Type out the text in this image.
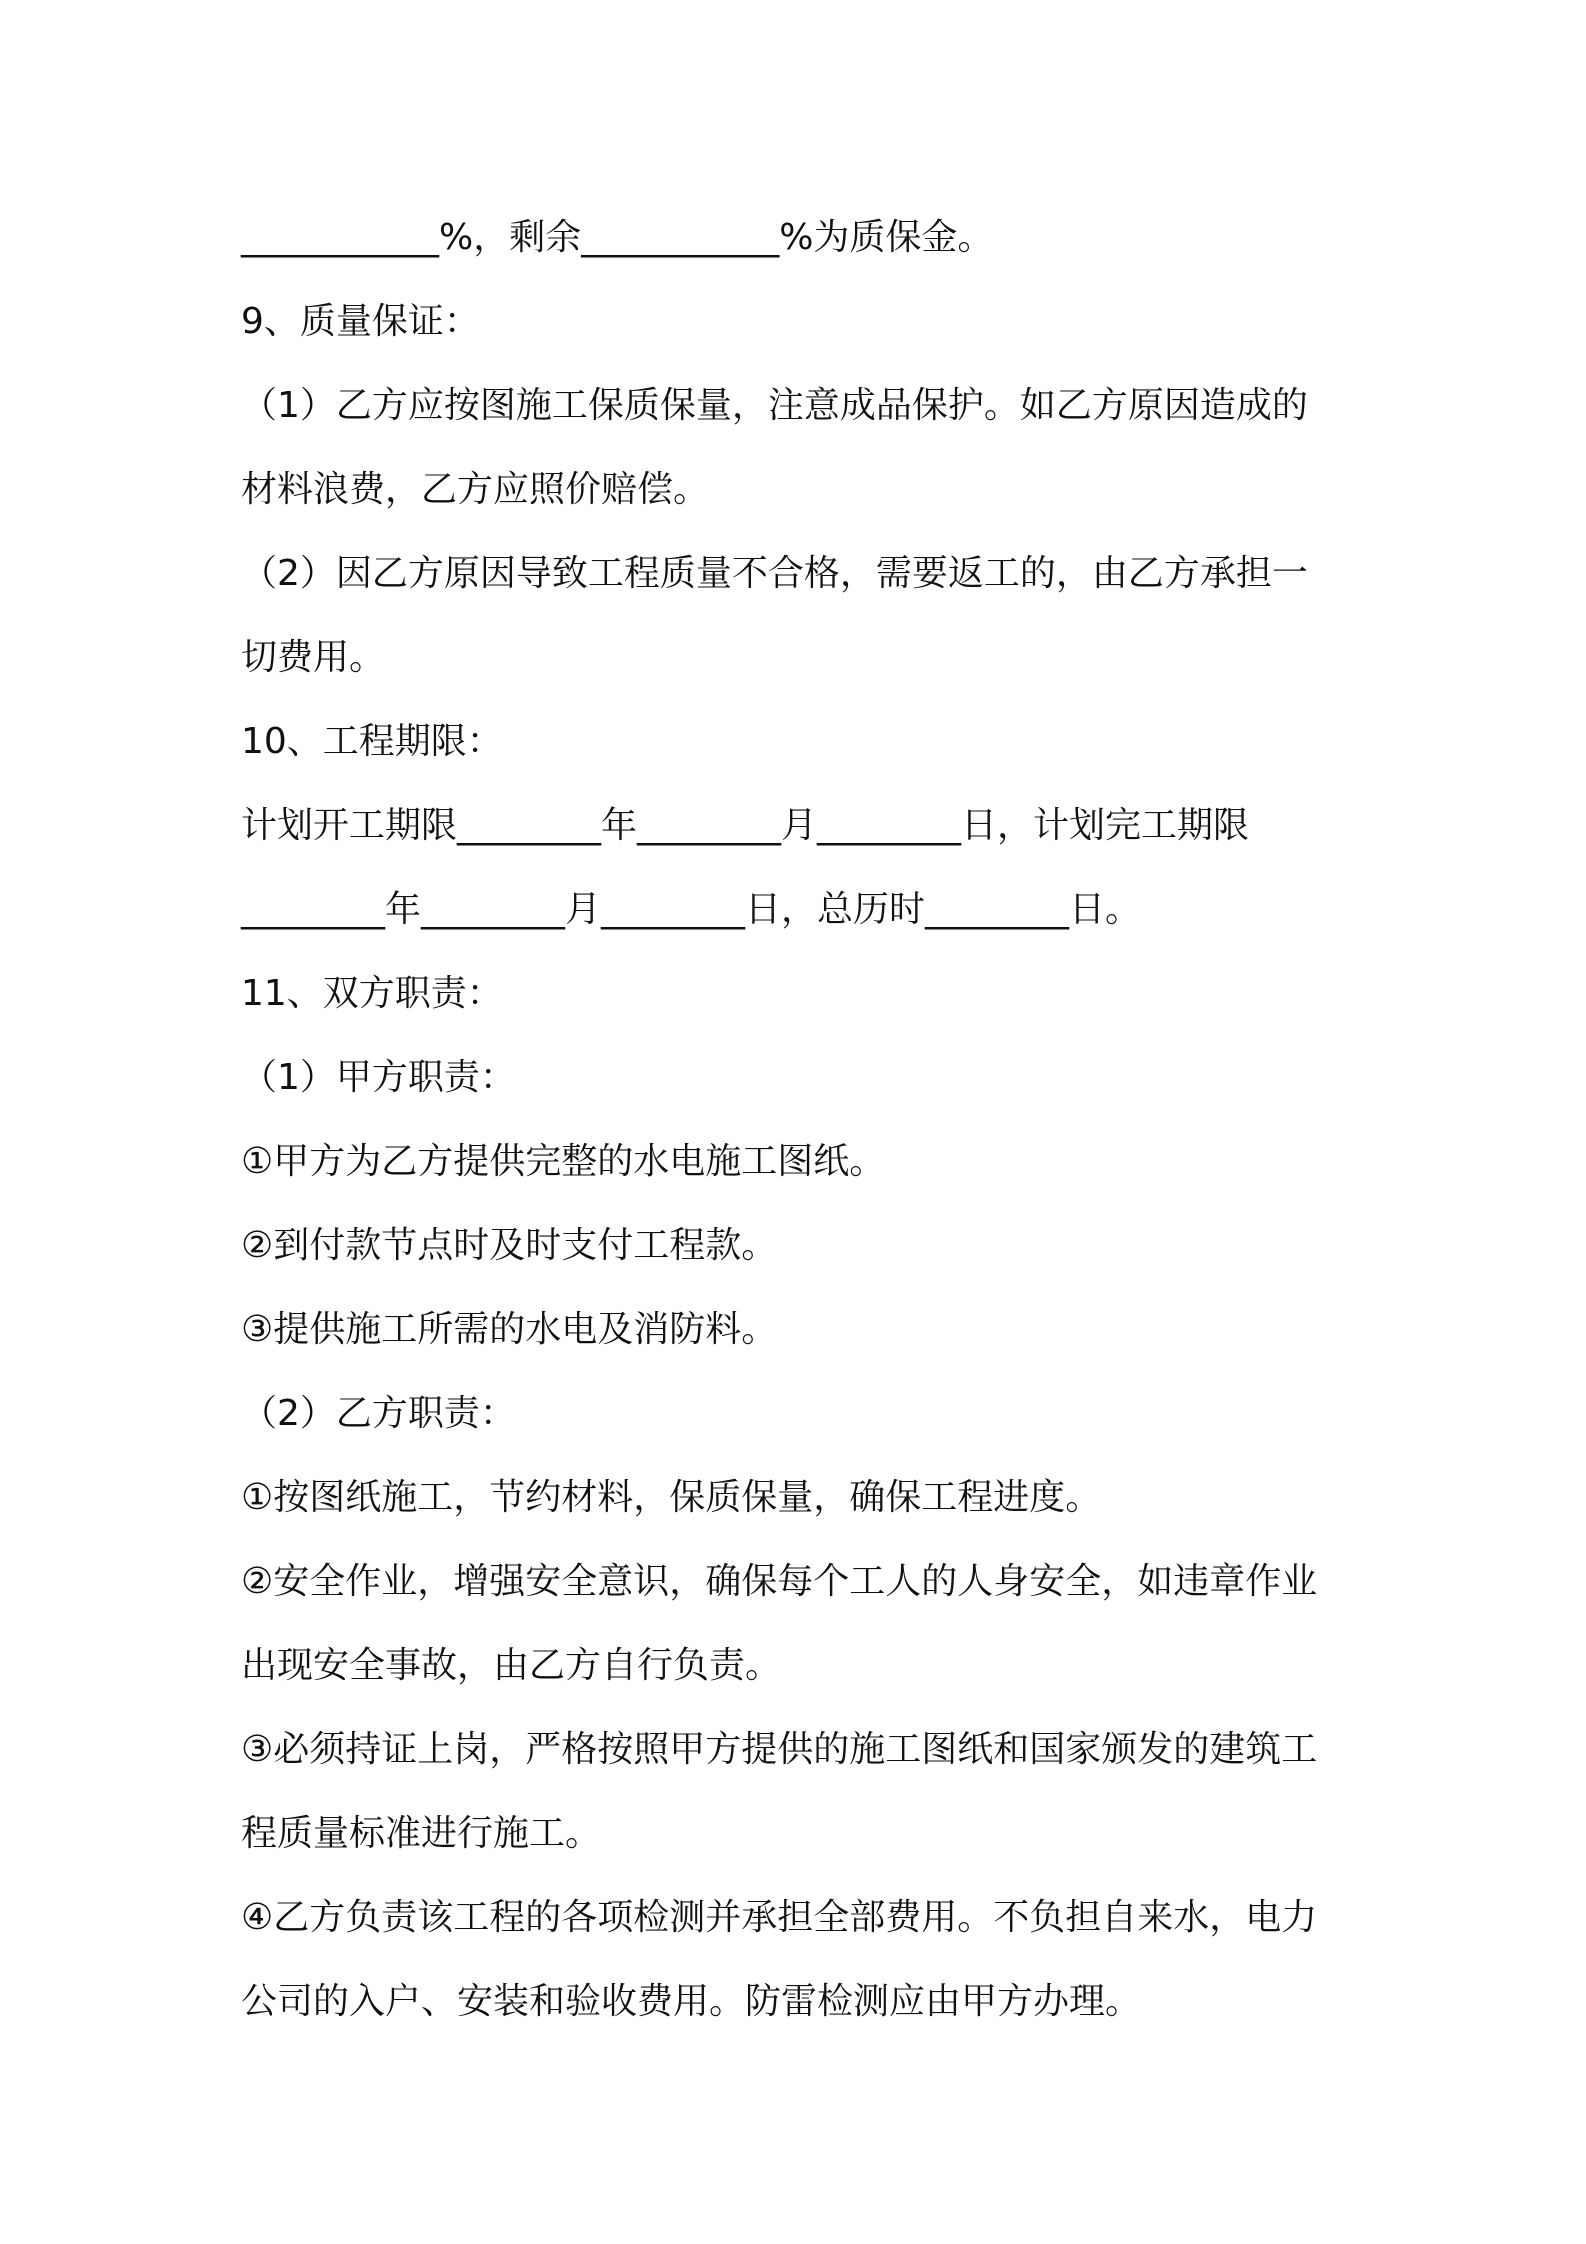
___________%，剩余___________%为质保金。
9、质量保证：
（1）乙方应按图施工保质保量，注意成品保护。如乙方原因造成的
材料浪费，乙方应照价赔偿。
（2）因乙方原因导致工程质量不合格，需要返工的，由乙方承担一
切费用。
10、工程期限：
计划开工期限________年________月________日，计划完工期限
________年________月________日，总历时________日。
11、双方职责：
（1）甲方职责：
①甲方为乙方提供完整的水电施工图纸。
②到付款节点时及时支付工程款。
③提供施工所需的水电及消防料。
（2）乙方职责：
①按图纸施工，节约材料，保质保量，确保工程进度。
②安全作业，增强安全意识，确保每个工人的人身安全，如违章作业
出现安全事故，由乙方自行负责。
③必须持证上岗，严格按照甲方提供的施工图纸和国家颁发的建筑工
程质量标准进行施工。
④乙方负责该工程的各项检测并承担全部费用。不负担自来水，电力
公司的入户、安装和验收费用。防雷检测应由甲方办理。
